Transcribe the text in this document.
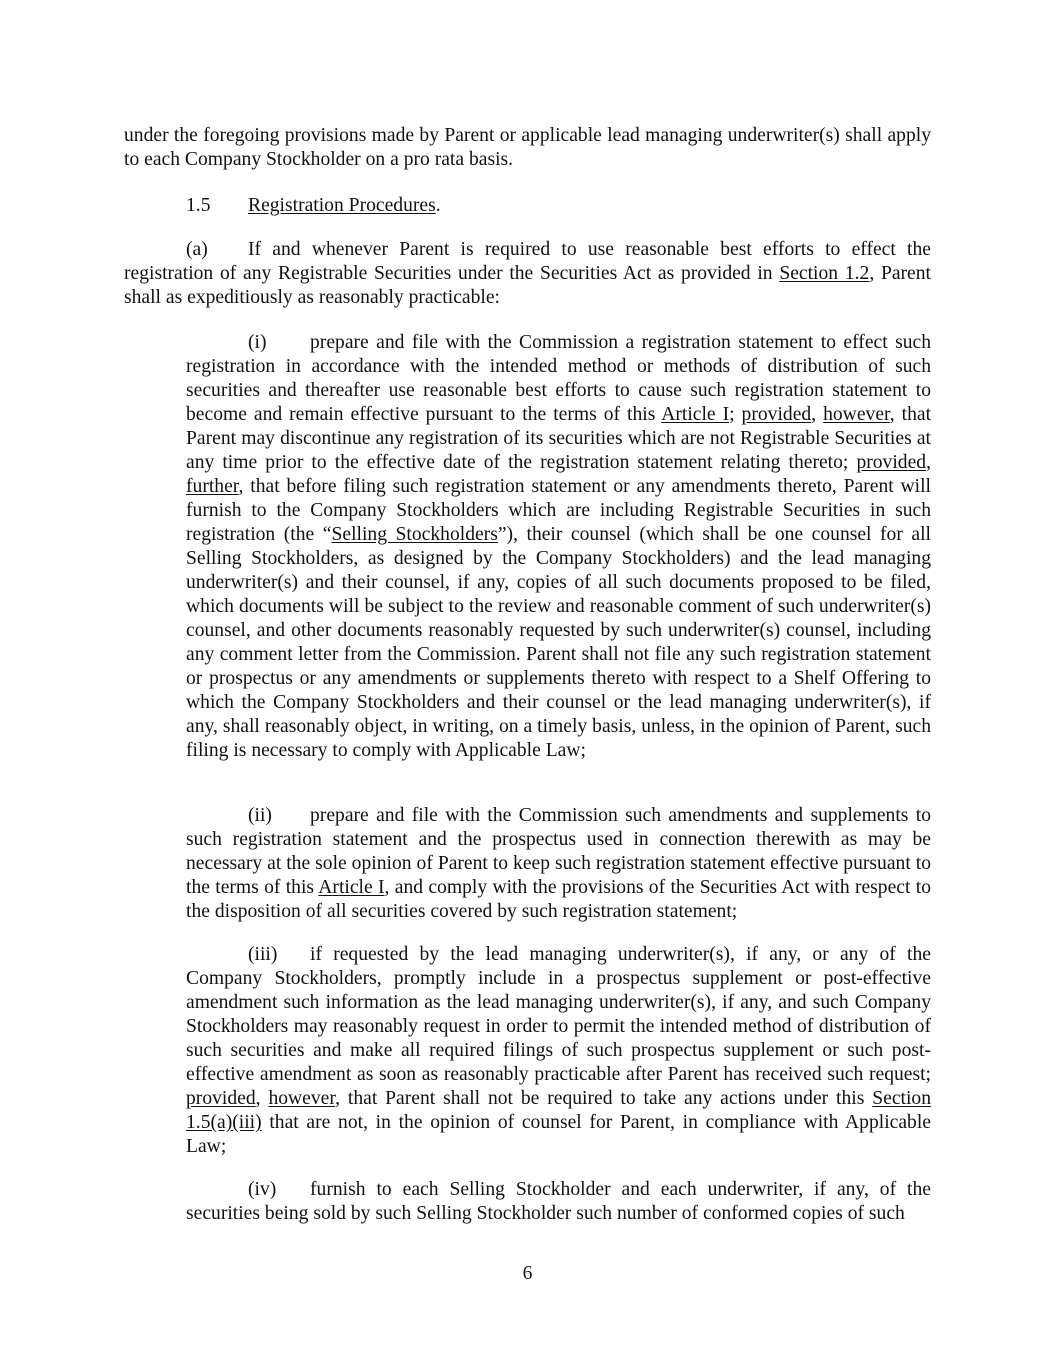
under the foregoing provisions made by Parent or applicable lead managing underwriter(s) shall apply to each Company Stockholder on a pro rata basis.

1.5 Registration Procedures.

(a) If and whenever Parent is required to use reasonable best efforts to effect the registration of any Registrable Securities under the Securities Act as provided in Section 1.2, Parent shall as expeditiously as reasonably practicable:

(i) prepare and file with the Commission a registration statement to effect such registration in accordance with the intended method or methods of distribution of such securities and thereafter use reasonable best efforts to cause such registration statement to become and remain effective pursuant to the terms of this Article I; provided, however, that Parent may discontinue any registration of its securities which are not Registrable Securities at any time prior to the effective date of the registration statement relating thereto; provided, further, that before filing such registration statement or any amendments thereto, Parent will furnish to the Company Stockholders which are including Registrable Securities in such registration (the “Selling Stockholders”), their counsel (which shall be one counsel for all Selling Stockholders, as designed by the Company Stockholders) and the lead managing underwriter(s) and their counsel, if any, copies of all such documents proposed to be filed, which documents will be subject to the review and reasonable comment of such underwriter(s) counsel, and other documents reasonably requested by such underwriter(s) counsel, including any comment letter from the Commission. Parent shall not file any such registration statement or prospectus or any amendments or supplements thereto with respect to a Shelf Offering to which the Company Stockholders and their counsel or the lead managing underwriter(s), if any, shall reasonably object, in writing, on a timely basis, unless, in the opinion of Parent, such filing is necessary to comply with Applicable Law;

(ii) prepare and file with the Commission such amendments and supplements to such registration statement and the prospectus used in connection therewith as may be necessary at the sole opinion of Parent to keep such registration statement effective pursuant to the terms of this Article I, and comply with the provisions of the Securities Act with respect to the disposition of all securities covered by such registration statement;

(iii) if requested by the lead managing underwriter(s), if any, or any of the Company Stockholders, promptly include in a prospectus supplement or post-effective amendment such information as the lead managing underwriter(s), if any, and such Company Stockholders may reasonably request in order to permit the intended method of distribution of such securities and make all required filings of such prospectus supplement or such post-effective amendment as soon as reasonably practicable after Parent has received such request; provided, however, that Parent shall not be required to take any actions under this Section 1.5(a)(iii) that are not, in the opinion of counsel for Parent, in compliance with Applicable Law;

(iv) furnish to each Selling Stockholder and each underwriter, if any, of the securities being sold by such Selling Stockholder such number of conformed copies of such

6
